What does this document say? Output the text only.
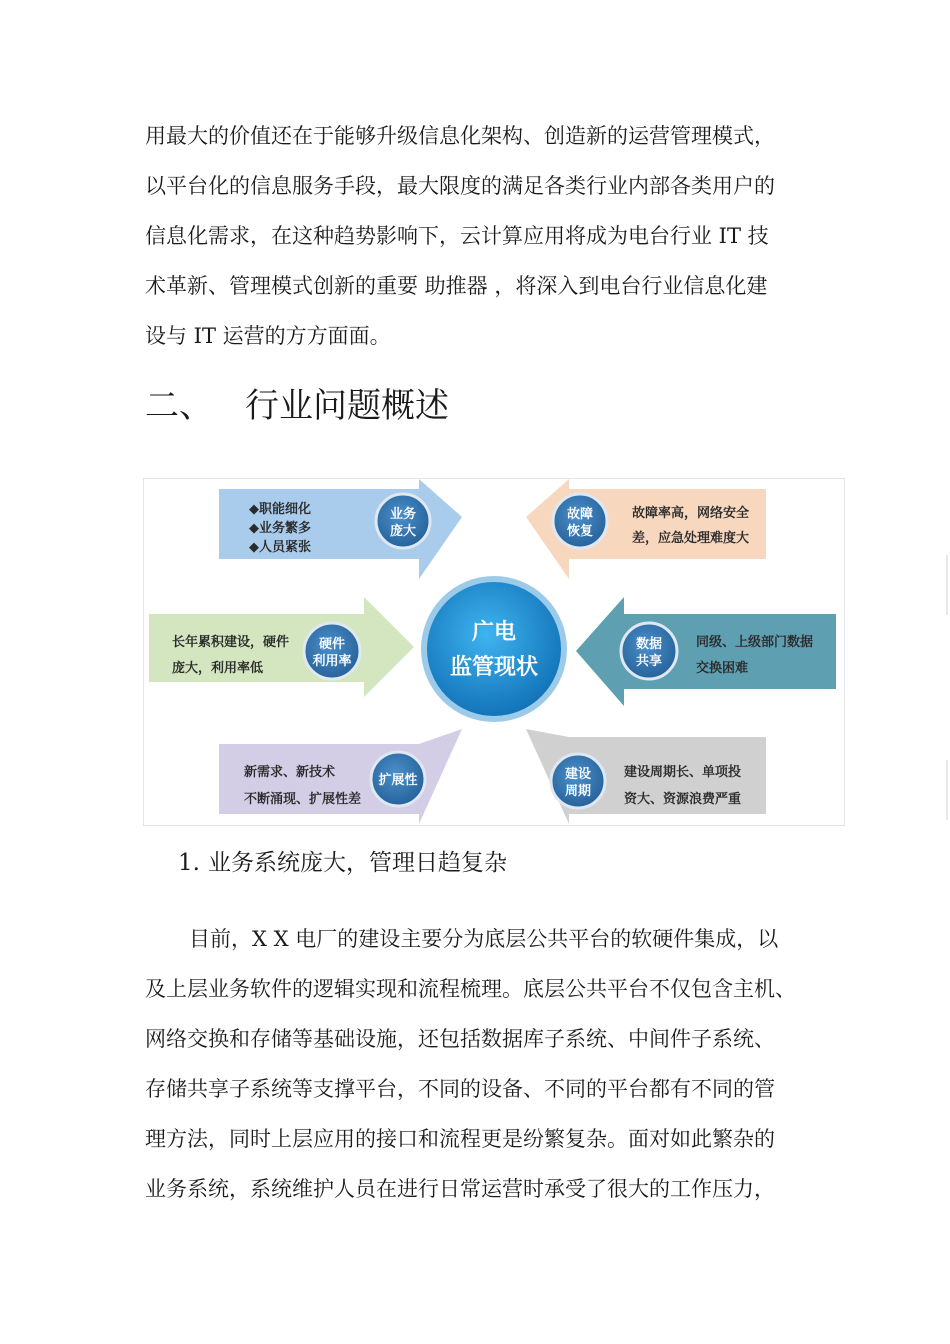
用最大的价值还在于能够升级信息化架构、创造新的运营管理模式，
以平台化的信息服务手段，最大限度的满足各类行业内部各类用户的
信息化需求，在这种趋势影响下，云计算应用将成为电台行业 IT 技
术革新、管理模式创新的重要 助推器 ，将深入到电台行业信息化建
设与 IT 运营的方方面面。
二、 行业问题概述
广电
监管现状
◆职能细化
◆业务繁多
◆人员紧张
业务
庞大
故障
恢复
故障率高，网络安全
差，应急处理难度大
长年累积建设，硬件
庞大，利用率低
硬件
利用率
数据
共享
同级、上级部门数据
交换困难
新需求、新技术
不断涌现、扩展性差
扩展性	建设
周期
建设周期长、单项投
资大、资源浪费严重
1. 业务系统庞大，管理日趋复杂
目前，X X 电厂的建设主要分为底层公共平台的软硬件集成，以
及上层业务软件的逻辑实现和流程梳理。底层公共平台不仅包含主机、
网络交换和存储等基础设施，还包括数据库子系统、中间件子系统、
存储共享子系统等支撑平台，不同的设备、不同的平台都有不同的管
理方法，同时上层应用的接口和流程更是纷繁复杂。面对如此繁杂的
业务系统，系统维护人员在进行日常运营时承受了很大的工作压力，
